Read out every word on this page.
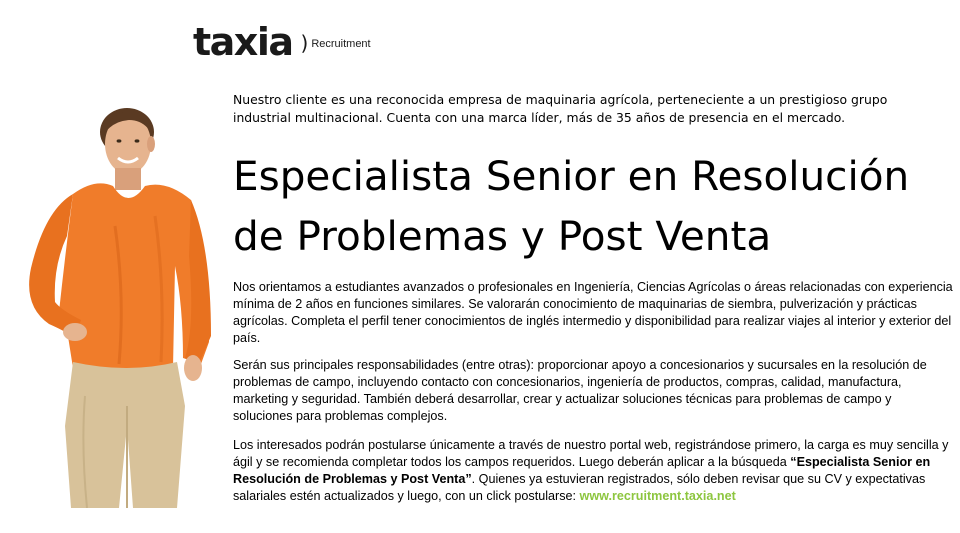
taxia ) Recruitment

Nuestro cliente es una reconocida empresa de maquinaria agrícola, perteneciente a un prestigioso grupo industrial multinacional. Cuenta con una marca líder, más de 35 años de presencia en el mercado.

Especialista Senior en Resolución
de Problemas y Post Venta

Nos orientamos a estudiantes avanzados o profesionales en Ingeniería, Ciencias Agrícolas o áreas relacionadas con experiencia mínima de 2 años en funciones similares. Se valorarán conocimiento de maquinarias de siembra, pulverización y prácticas agrícolas. Completa el perfil tener conocimientos de inglés intermedio y disponibilidad para realizar viajes al interior y exterior del país.

Serán sus principales responsabilidades (entre otras): proporcionar apoyo a concesionarios y sucursales en la resolución de problemas de campo, incluyendo contacto con concesionarios, ingeniería de productos, compras, calidad, manufactura, marketing y seguridad. También deberá desarrollar, crear y actualizar soluciones técnicas para problemas de campo y soluciones para problemas complejos.

Los interesados podrán postularse únicamente a través de nuestro portal web, registrándose primero, la carga es muy sencilla y ágil y se recomienda completar todos los campos requeridos. Luego deberán aplicar a la búsqueda “Especialista Senior en Resolución de Problemas y Post Venta”. Quienes ya estuvieran registrados, sólo deben revisar que su CV y expectativas salariales estén actualizados y luego, con un click postularse: www.recruitment.taxia.net
